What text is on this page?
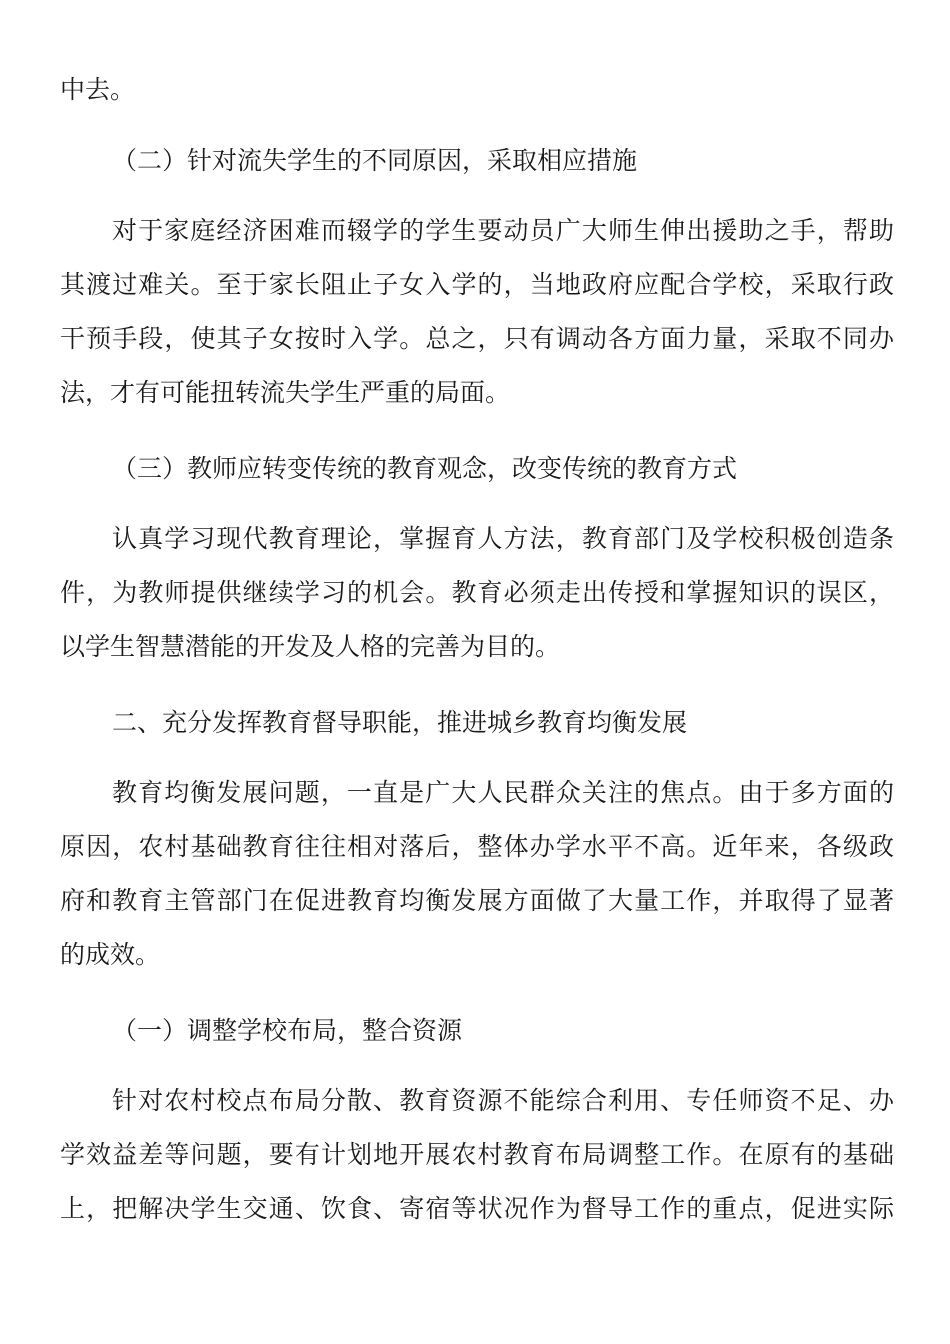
中去。
（二）针对流失学生的不同原因，采取相应措施
对于家庭经济困难而辍学的学生要动员广大师生伸出援助之手，帮助
其渡过难关。至于家长阻止子女入学的，当地政府应配合学校，采取行政
干预手段，使其子女按时入学。总之，只有调动各方面力量，采取不同办
法，才有可能扭转流失学生严重的局面。
（三）教师应转变传统的教育观念，改变传统的教育方式
认真学习现代教育理论，掌握育人方法，教育部门及学校积极创造条
件，为教师提供继续学习的机会。教育必须走出传授和掌握知识的误区，
以学生智慧潜能的开发及人格的完善为目的。
二、充分发挥教育督导职能，推进城乡教育均衡发展
教育均衡发展问题，一直是广大人民群众关注的焦点。由于多方面的
原因，农村基础教育往往相对落后，整体办学水平不高。近年来，各级政
府和教育主管部门在促进教育均衡发展方面做了大量工作，并取得了显著
的成效。
（一）调整学校布局，整合资源
针对农村校点布局分散、教育资源不能综合利用、专任师资不足、办
学效益差等问题，要有计划地开展农村教育布局调整工作。在原有的基础
上，把解决学生交通、饮食、寄宿等状况作为督导工作的重点，促进实际
